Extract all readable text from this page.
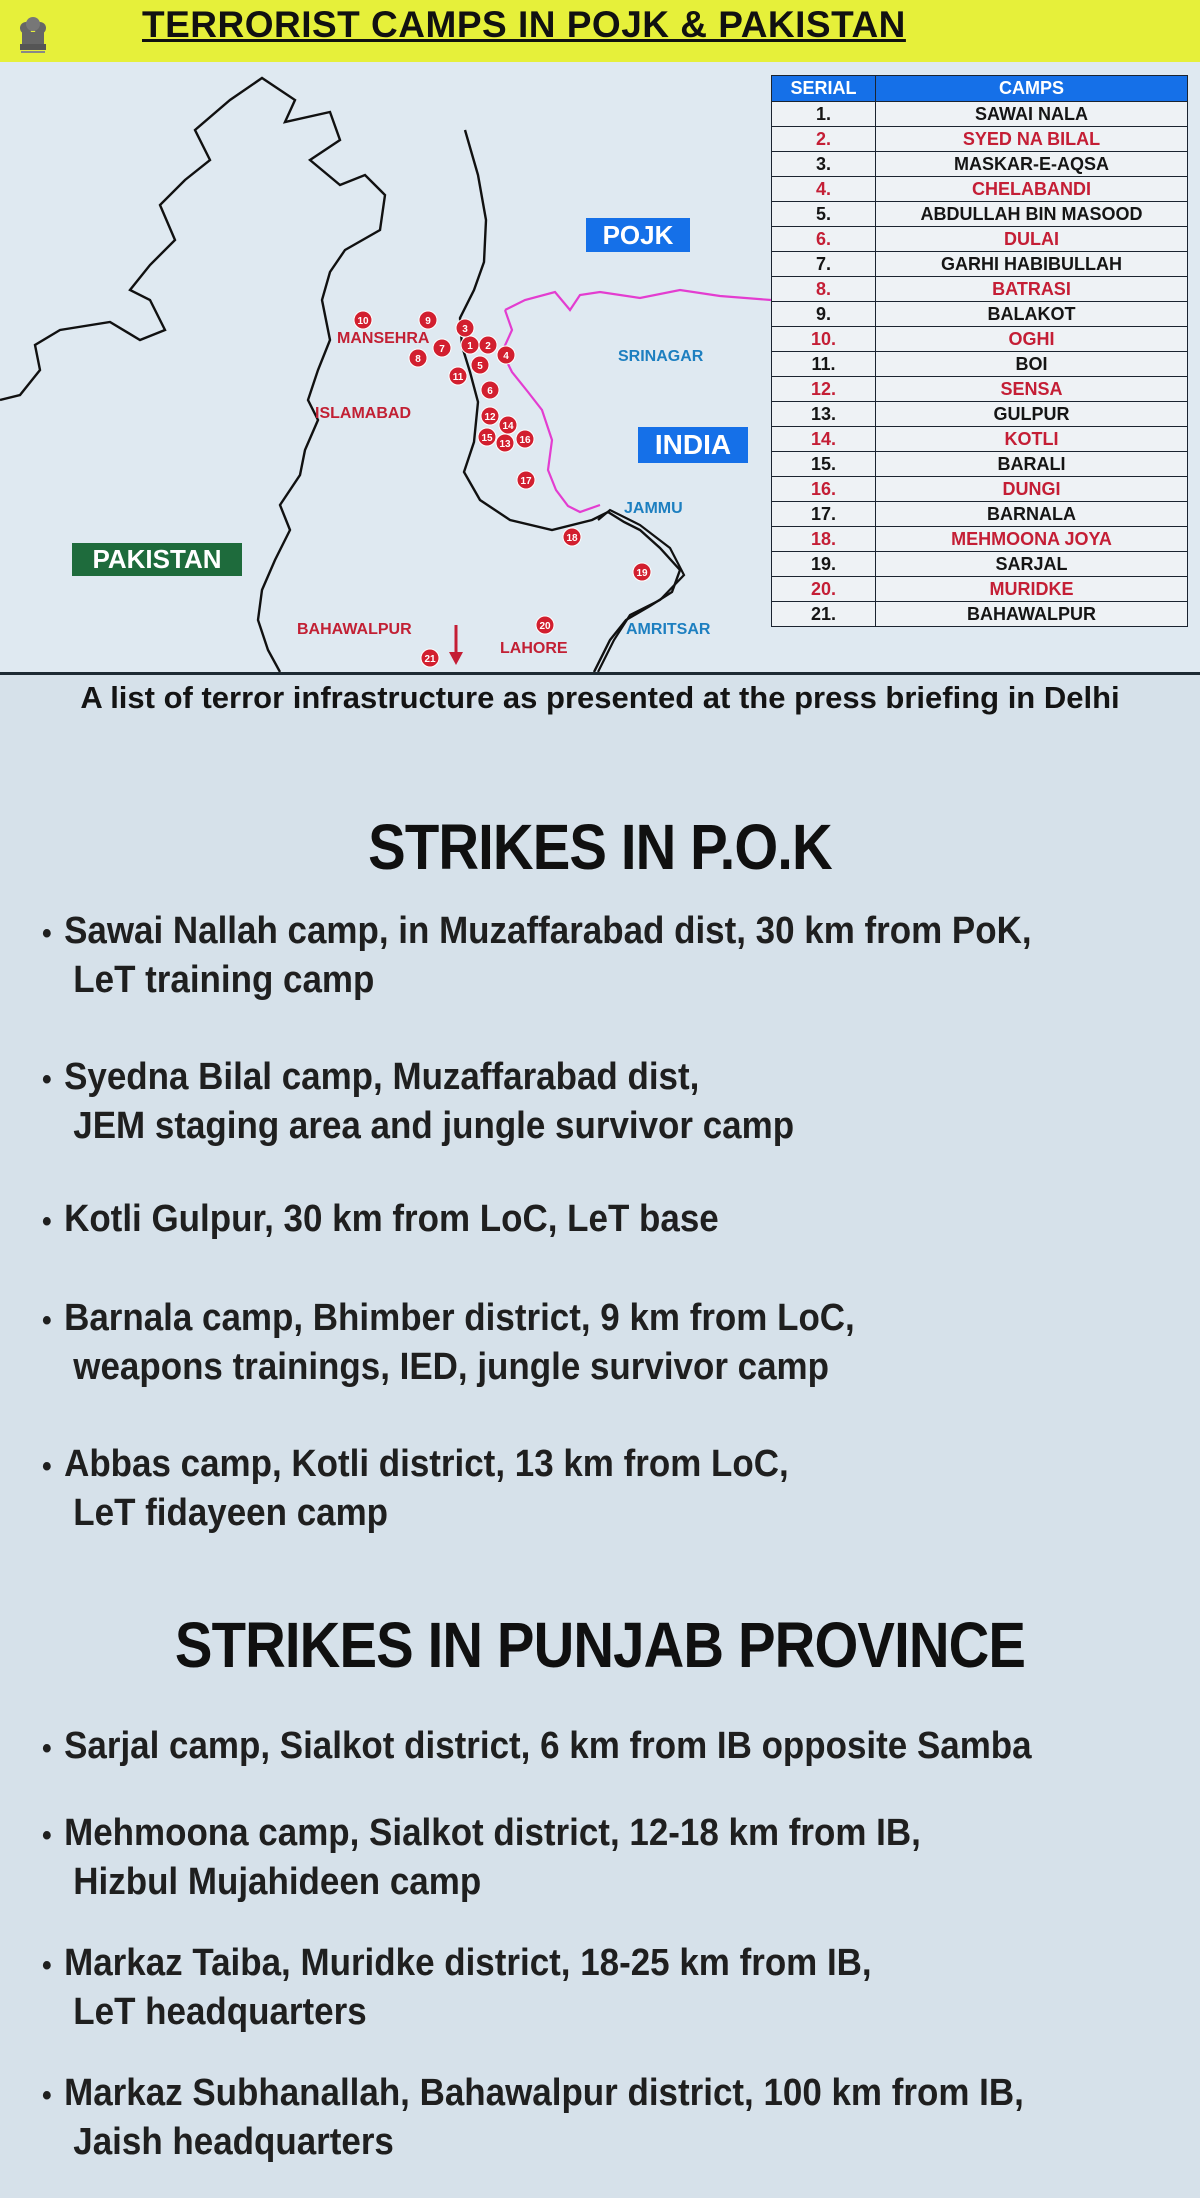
TERRORIST CAMPS IN POJK & PAKISTAN
1 2
3
4
5
6
7
8
9
10
11
12
13
14
15	16
17
18
19
20
21
POJK
INDIA
PAKISTAN
MANSEHRA
ISLAMABAD
BAHAWALPUR
LAHORE
SRINAGAR
JAMMU
AMRITSAR
SERIAL	CAMPS
1.	SAWAI NALA
2.	SYED NA BILAL
3.	MASKAR-E-AQSA
4.	CHELABANDI
5.	ABDULLAH BIN MASOOD
6.	DULAI
7.	GARHI HABIBULLAH
8.	BATRASI
9.	BALAKOT
10.	OGHI
11.	BOI
12.	SENSA
13.	GULPUR
14.	KOTLI
15.	BARALI
16.	DUNGI
17.	BARNALA
18.	MEHMOONA JOYA
19.	SARJAL
20.	MURIDKE
21.	BAHAWALPUR
A list of terror infrastructure as presented at the press briefing in Delhi
STRIKES IN P.O.K
• Sawai Nallah camp, in Muzaffarabad dist, 30 km from PoK,
LeT training camp
• Syedna Bilal camp, Muzaffarabad dist,
JEM staging area and jungle survivor camp
• Kotli Gulpur, 30 km from LoC, LeT base
• Barnala camp, Bhimber district, 9 km from LoC,
weapons trainings, IED, jungle survivor camp
• Abbas camp, Kotli district, 13 km from LoC,
LeT fidayeen camp
STRIKES IN PUNJAB PROVINCE
• Sarjal camp, Sialkot district, 6 km from IB opposite Samba
• Mehmoona camp, Sialkot district, 12-18 km from IB,
Hizbul Mujahideen camp
• Markaz Taiba, Muridke district, 18-25 km from IB,
LeT headquarters
• Markaz Subhanallah, Bahawalpur district, 100 km from IB,
Jaish headquarters
